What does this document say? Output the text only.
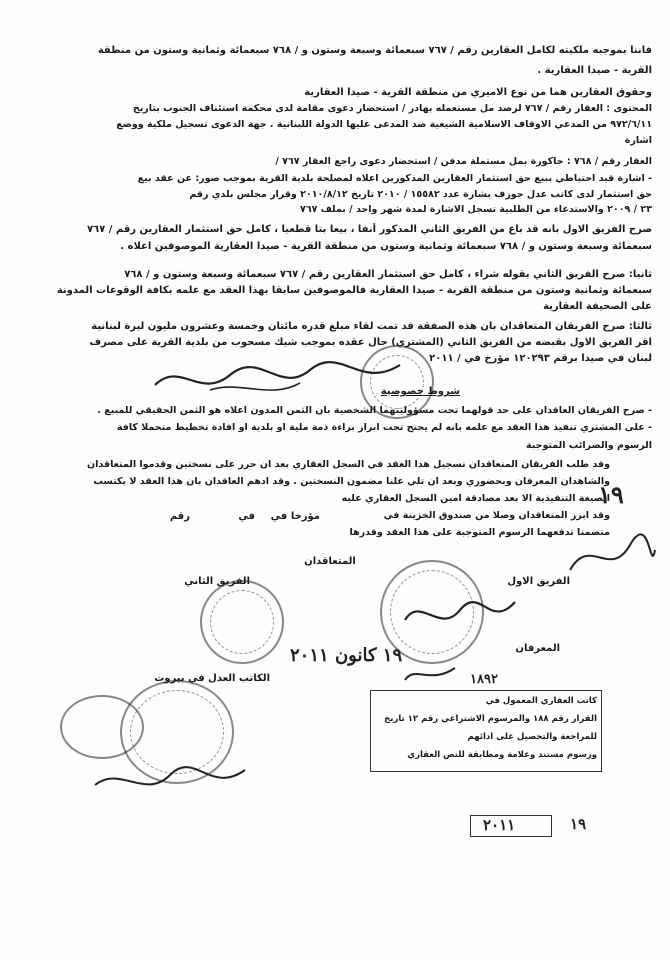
فاننا بموجبه ملكيته لكامل العقارين رقم / ٧٦٧ سبعمائة وسبعة وستون و / ٧٦٨ سبعمائة وثمانية وستون من منطقة
القرية - صيدا العقارية .
وحقوق العقارين هما من نوع الاميري من منطقة القرية - صيدا العقارية
المحتوى : العقار رقم / ٧٦٧ لرصد مل مستعمله بهادر / استحضار دعوى مقامة لدى محكمة استئناف الجنوب بتاريخ
٩٧٢/٦/١١ من المدعي الاوقاف الاسلامية الشيعية ضد المدعى عليها الدولة اللبنانية . جهة الدعوى تسجيل ملكية ووضع
اشارة
العقار رقم / ٧٦٨ : حاكورة بمل مستملة مدفن / استحضار دعوى راجع العقار ٧٦٧ /
- اشارة قيد احتياطي ببيع حق استثمار العقارين المذكورين اعلاه لمصلحة بلدية القرية بموجب صور: عن عقد بيع
حق استثمار لدى كاتب عدل جوزف بشارة عدد ١٥٥٨٢ / ٢٠١٠ تاريخ ٢٠١٠/٨/١٢ وقرار مجلس بلدي رقم
٢٣ / ٢٠٠٩ والاستدعاء من الطلبية تسجل الاشارة لمدة شهر واحد / بملف ٧٦٧
صرح الفريق الاول بانه قد باع من الفريق الثاني المذكور أنفا ، بيعا بتا قطعيا ، كامل حق استثمار العقارين رقم / ٧٦٧
سبعمائة وسبعة وستون و / ٧٦٨ سبعمائة وثمانية وستون من منطقة القرية - صيدا العقارية الموصوفين اعلاه .
ثانيا: صرح الفريق الثاني بقوله شراء ، كامل حق استثمار العقارين رقم / ٧٦٧ سبعمائة وسبعة وستون و / ٧٦٨
سبعمائة وثمانية وستون من منطقة القرية - صيدا العقارية فالموصوفين سابقا بهذا العقد مع علمه بكافة الوقوعات المدونة
على الصحيفة العقارية
ثالثا: صرح الفريقان المتعاقدان بان هذه الصفقة قد تمت لقاء مبلغ قدره مائتان وخمسة وعشرون مليون ليرة لبنانية
اقر الفريق الاول بقبضه من الفريق الثاني (المشتري) حال عقده بموجب شيك مسحوب من بلدية القرية على مصرف
لبنان في صيدا برقم ١٢٠٢٩٣ مؤرخ في / ٢٠١١
شروط خصوصية
- صرح الفريقان العاقدان على حد قولهما تحت مسؤوليتهما الشخصية بان الثمن المدون اعلاه هو الثمن الحقيقي للمبيع .
- على المشتري تنفيذ هذا العقد مع علمه بانه لم يحتج تحت ابراز براءة ذمة ملية او بلدية او افادة تخطيط متحملا كافة
الرسوم والضرائب المتوجبة
وقد طلب الفريقان المتعاقدان تسجيل هذا العقد في السجل العقاري بعد ان حرر على نسختين وقدموا المتعاقدان
والشاهدان المعرفان وبحضوري وبعد ان تلي علنا مضمون النسختين . وقد ادهم العاقدان بان هذا العقد لا يكتسب
الصيغة التنفيذية الا بعد مصادقة امين السجل العقاري عليه
وقد ابرز المتعاقدان وصلا من صندوق الخزينة في
متضمنا تدفعهما الرسوم المتوجبة على هذا العقد وقدرها
١٩
مؤرخا في
في
رقم
المتعاقدان
الفريق الثاني	الفريق الاول
المعرفان
١٩ ك‍انون ٢٠١١
الكاتب العدل في بيروت
كاتب العقاري المعمول في
القرار رقم ١٨٨ والمرسوم الاشتراعي رقم ١٢ تاريخ
للمراجعة والتحصيل على ادائهم
ورسوم مستند وعلامة ومطابقة للنص العقاري
١٨٩٢
٢٠١١	١٩
